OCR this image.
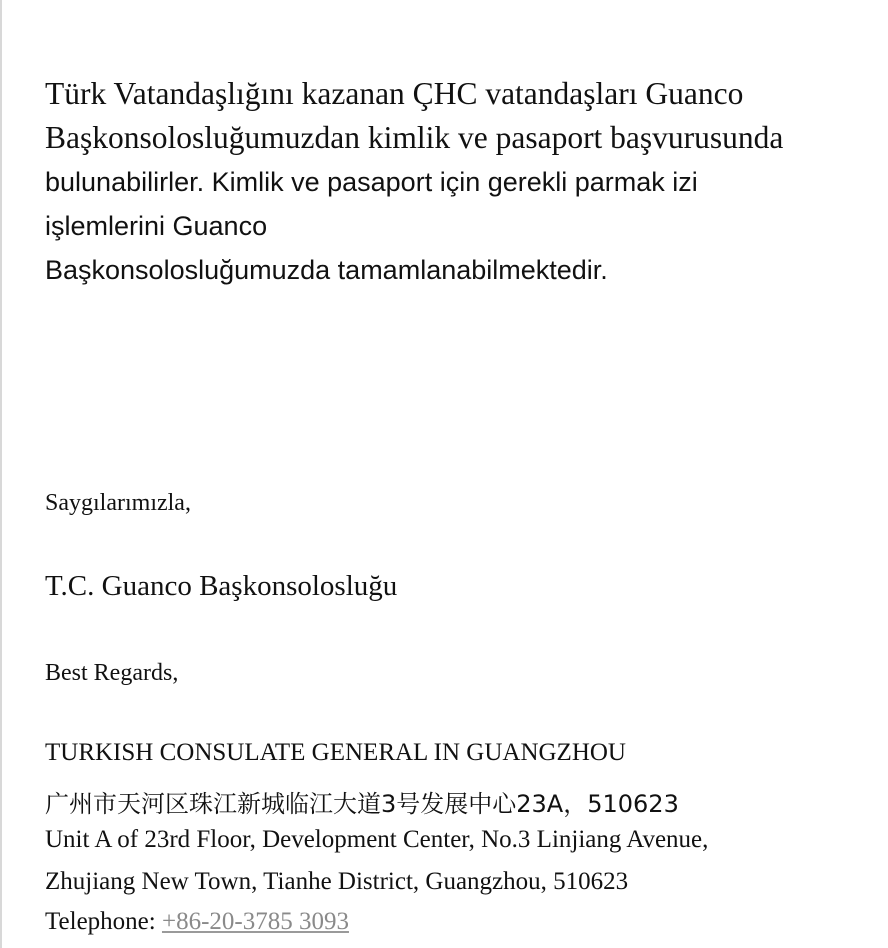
Türk Vatandaşlığını kazanan ÇHC vatandaşları Guanco
Başkonsolosluğumuzdan kimlik ve pasaport başvurusunda
bulunabilirler. Kimlik ve pasaport için gerekli parmak izi
işlemlerini Guanco
Başkonsolosluğumuzda tamamlanabilmektedir.
Saygılarımızla,
T.C. Guanco Başkonsolosluğu
Best Regards,
TURKISH CONSULATE GENERAL IN GUANGZHOU
广州市天河区珠江新城临江大道3号发展中心23A，510623
Unit A of 23rd Floor, Development Center, No.3 Linjiang Avenue,
Zhujiang New Town, Tianhe District, Guangzhou, 510623
Telephone: +86-20-3785 3093
